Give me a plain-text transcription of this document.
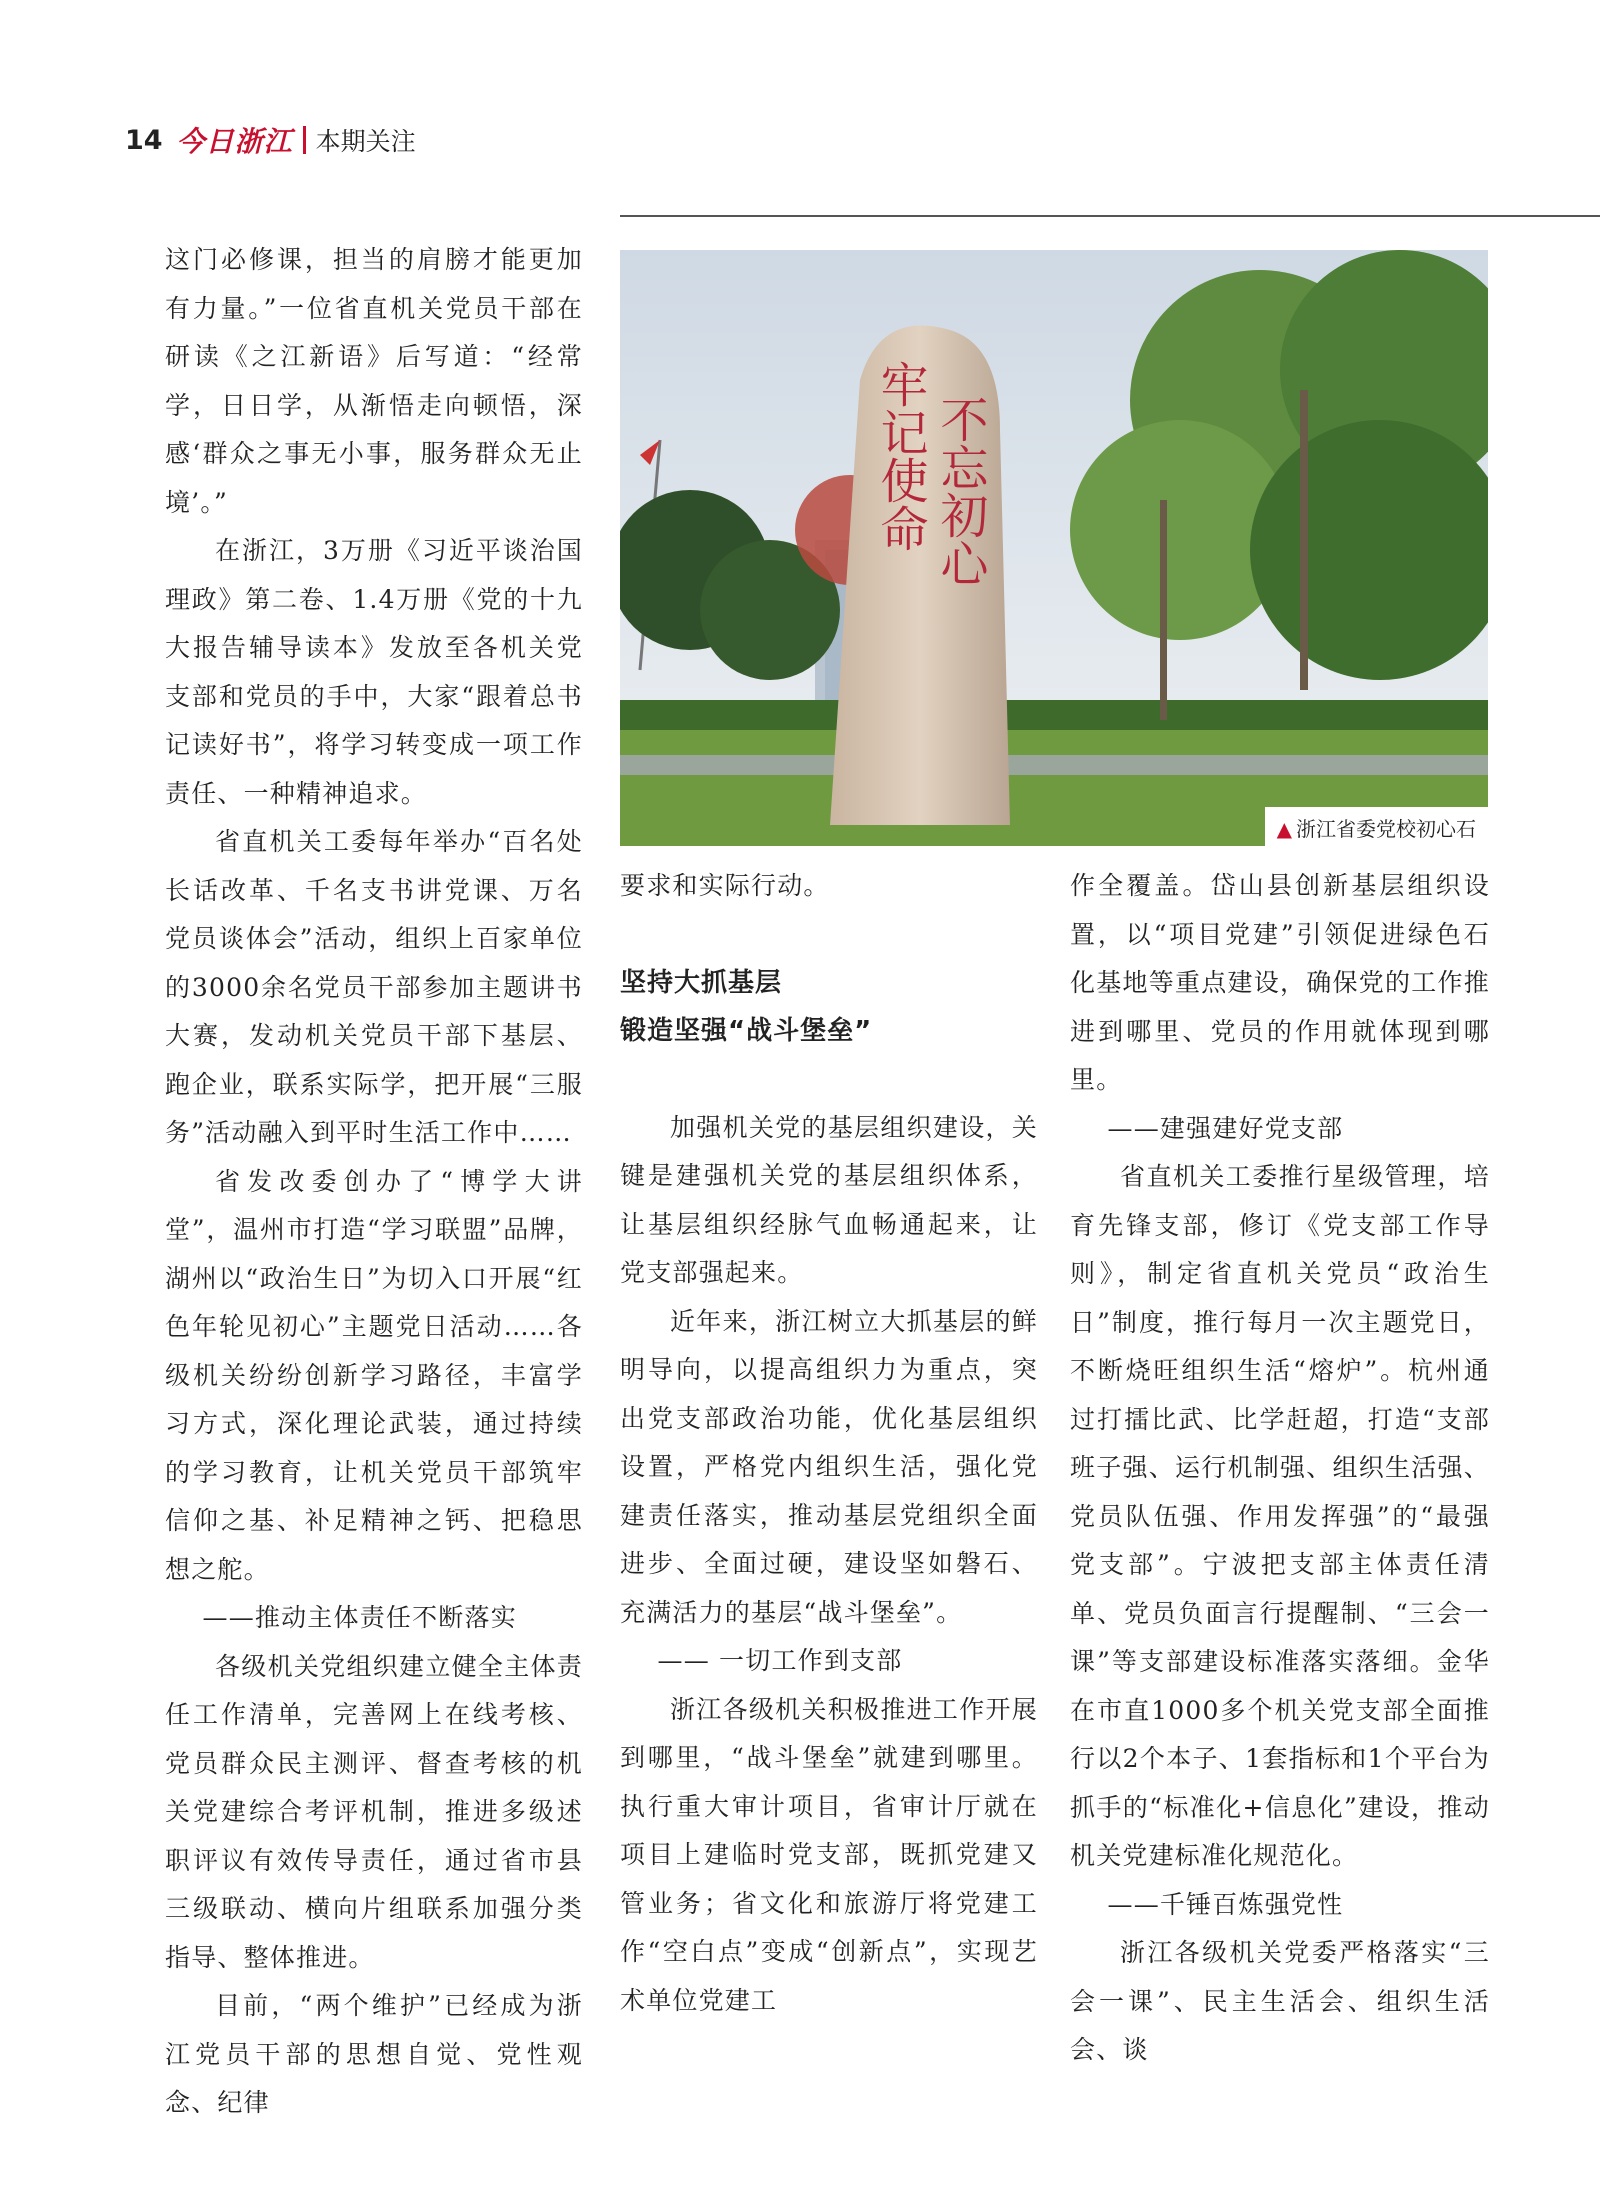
14 今日浙江 本期关注

这门必修课，担当的肩膀才能更加有力量。”一位省直机关党员干部在研读《之江新语》后写道：“经常学，日日学，从渐悟走向顿悟，深感‘群众之事无小事，服务群众无止境’。”

在浙江，3万册《习近平谈治国理政》第二卷、1.4万册《党的十九大报告辅导读本》发放至各机关党支部和党员的手中，大家“跟着总书记读好书”，将学习转变成一项工作责任、一种精神追求。

省直机关工委每年举办“百名处长话改革、千名支书讲党课、万名党员谈体会”活动，组织上百家单位的3000余名党员干部参加主题讲书大赛，发动机关党员干部下基层、跑企业，联系实际学，把开展“三服务”活动融入到平时生活工作中……

省发改委创办了“博学大讲堂”，温州市打造“学习联盟”品牌，湖州以“政治生日”为切入口开展“红色年轮见初心”主题党日活动……各级机关纷纷创新学习路径，丰富学习方式，深化理论武装，通过持续的学习教育，让机关党员干部筑牢信仰之基、补足精神之钙、把稳思想之舵。

——推动主体责任不断落实

各级机关党组织建立健全主体责任工作清单，完善网上在线考核、党员群众民主测评、督查考核的机关党建综合考评机制，推进多级述职评议有效传导责任，通过省市县三级联动、横向片组联系加强分类指导、整体推进。

目前，“两个维护”已经成为浙江党员干部的思想自觉、党性观念、纪律

不忘初心
牢记使命
▲ 浙江省委党校初心石

要求和实际行动。

坚持大抓基层

锻造坚强“战斗堡垒”

加强机关党的基层组织建设，关键是建强机关党的基层组织体系，让基层组织经脉气血畅通起来，让党支部强起来。

近年来，浙江树立大抓基层的鲜明导向，以提高组织力为重点，突出党支部政治功能，优化基层组织设置，严格党内组织生活，强化党建责任落实，推动基层党组织全面进步、全面过硬，建设坚如磐石、充满活力的基层“战斗堡垒”。

—— 一切工作到支部

浙江各级机关积极推进工作开展到哪里，“战斗堡垒”就建到哪里。执行重大审计项目，省审计厅就在项目上建临时党支部，既抓党建又管业务；省文化和旅游厅将党建工作“空白点”变成“创新点”，实现艺术单位党建工

作全覆盖。岱山县创新基层组织设置，以“项目党建”引领促进绿色石化基地等重点建设，确保党的工作推进到哪里、党员的作用就体现到哪里。

——建强建好党支部

省直机关工委推行星级管理，培育先锋支部，修订《党支部工作导则》，制定省直机关党员“政治生日”制度，推行每月一次主题党日，不断烧旺组织生活“熔炉”。杭州通过打擂比武、比学赶超，打造“支部班子强、运行机制强、组织生活强、党员队伍强、作用发挥强”的“最强党支部”。宁波把支部主体责任清单、党员负面言行提醒制、“三会一课”等支部建设标准落实落细。金华在市直1000多个机关党支部全面推行以2个本子、1套指标和1个平台为抓手的“标准化+信息化”建设，推动机关党建标准化规范化。

——千锤百炼强党性

浙江各级机关党委严格落实“三会一课”、民主生活会、组织生活会、谈
